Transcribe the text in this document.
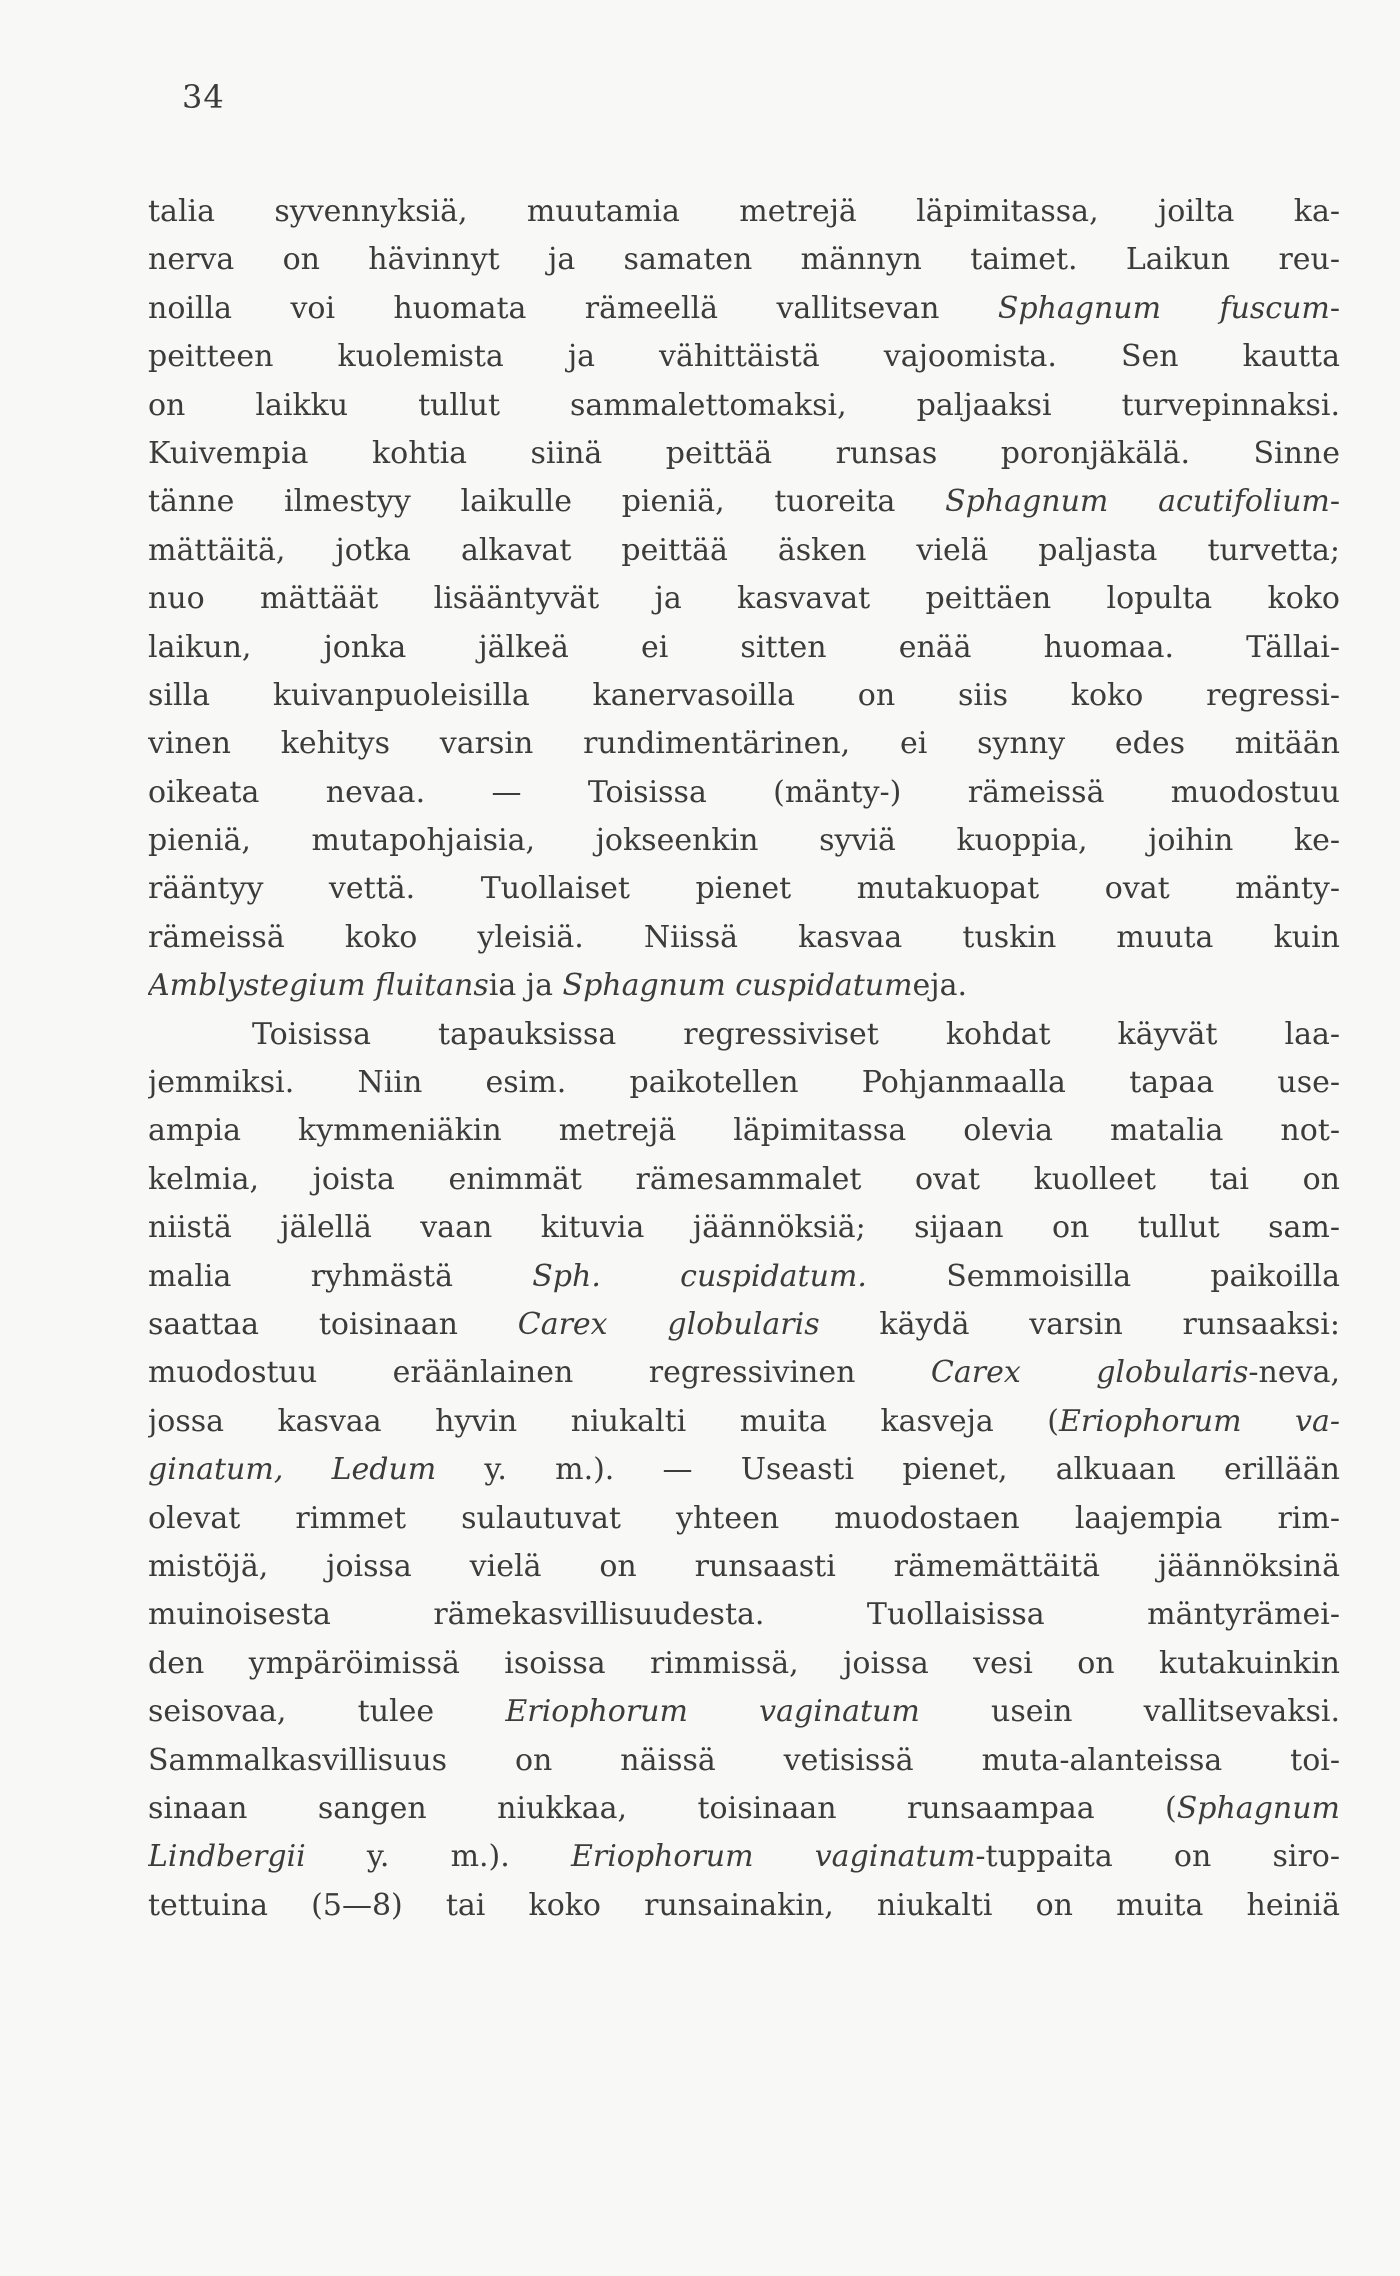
34
talia syvennyksiä, muutamia metrejä läpimitassa, joilta ka-
nerva on hävinnyt ja samaten männyn taimet. Laikun reu-
noilla voi huomata rämeellä vallitsevan Sphagnum fuscum-
peitteen kuolemista ja vähittäistä vajoomista. Sen kautta
on laikku tullut sammalettomaksi, paljaaksi turvepinnaksi.
Kuivempia kohtia siinä peittää runsas poronjäkälä. Sinne
tänne ilmestyy laikulle pieniä, tuoreita Sphagnum acutifolium-
mättäitä, jotka alkavat peittää äsken vielä paljasta turvetta;
nuo mättäät lisääntyvät ja kasvavat peittäen lopulta koko
laikun, jonka jälkeä ei sitten enää huomaa. Tällai-
silla kuivanpuoleisilla kanervasoilla on siis koko regressi-
vinen kehitys varsin rundimentärinen, ei synny edes mitään
oikeata nevaa. — Toisissa (mänty-) rämeissä muodostuu
pieniä, mutapohjaisia, jokseenkin syviä kuoppia, joihin ke-
rääntyy vettä. Tuollaiset pienet mutakuopat ovat mänty-
rämeissä koko yleisiä. Niissä kasvaa tuskin muuta kuin
Amblystegium fluitansia ja Sphagnum cuspidatumeja.
Toisissa tapauksissa regressiviset kohdat käyvät laa-
jemmiksi. Niin esim. paikotellen Pohjanmaalla tapaa use-
ampia kymmeniäkin metrejä läpimitassa olevia matalia not-
kelmia, joista enimmät rämesammalet ovat kuolleet tai on
niistä jälellä vaan kituvia jäännöksiä; sijaan on tullut sam-
malia ryhmästä Sph. cuspidatum. Semmoisilla paikoilla
saattaa toisinaan Carex globularis käydä varsin runsaaksi:
muodostuu eräänlainen regressivinen Carex globularis-neva,
jossa kasvaa hyvin niukalti muita kasveja (Eriophorum va-
ginatum, Ledum y. m.). — Useasti pienet, alkuaan erillään
olevat rimmet sulautuvat yhteen muodostaen laajempia rim-
mistöjä, joissa vielä on runsaasti rämemättäitä jäännöksinä
muinoisesta rämekasvillisuudesta. Tuollaisissa mäntyrämei-
den ympäröimissä isoissa rimmissä, joissa vesi on kutakuinkin
seisovaa, tulee Eriophorum vaginatum usein vallitsevaksi.
Sammalkasvillisuus on näissä vetisissä muta-alanteissa toi-
sinaan sangen niukkaa, toisinaan runsaampaa (Sphagnum
Lindbergii y. m.). Eriophorum vaginatum-tuppaita on siro-
tettuina (5—8) tai koko runsainakin, niukalti on muita heiniä
